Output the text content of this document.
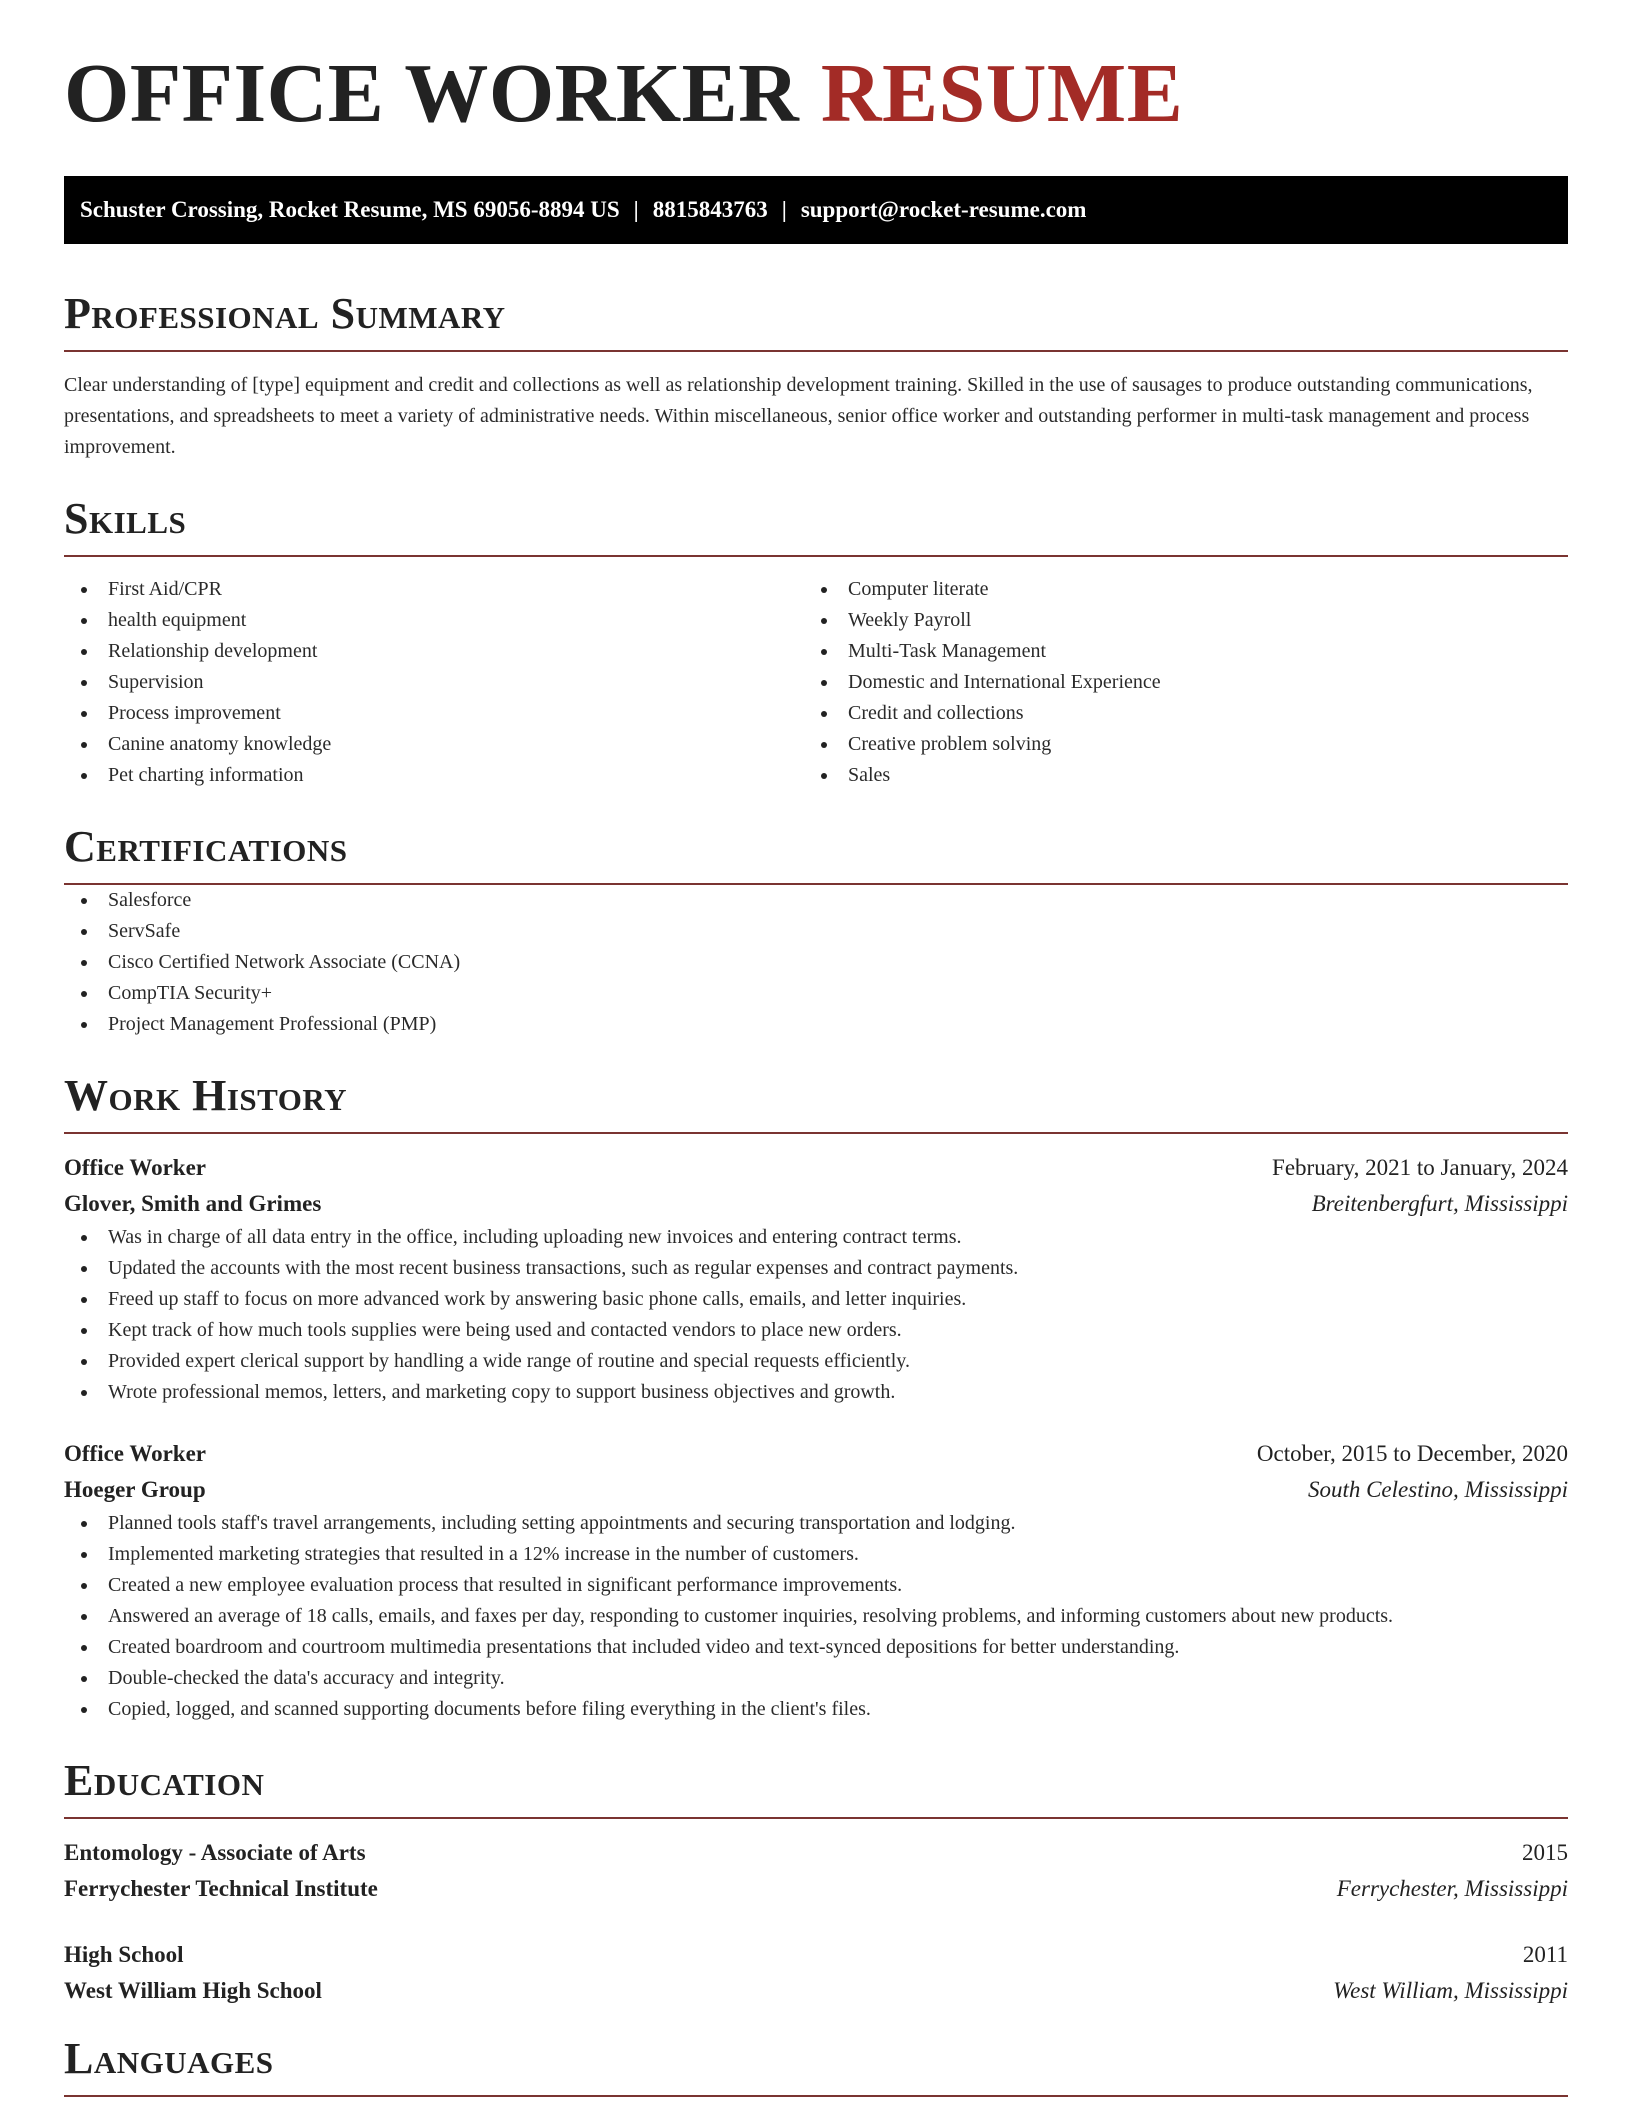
OFFICE WORKER RESUME
Schuster Crossing, Rocket Resume, MS 69056-8894 US | 8815843763 | support@rocket-resume.com
Professional Summary

Clear understanding of [type] equipment and credit and collections as well as relationship development training. Skilled in the use of sausages to produce outstanding communications, presentations, and spreadsheets to meet a variety of administrative needs. Within miscellaneous, senior office worker and outstanding performer in multi-task management and process improvement.

Skills
First Aid/CPR
health equipment
Relationship development
Supervision
Process improvement
Canine anatomy knowledge
Pet charting information
Computer literate
Weekly Payroll
Multi-Task Management
Domestic and International Experience
Credit and collections
Creative problem solving
Sales
Certifications
Salesforce
ServSafe
Cisco Certified Network Associate (CCNA)
CompTIA Security+
Project Management Professional (PMP)
Work History
Office Worker	February, 2021 to January, 2024
Glover, Smith and Grimes	Breitenbergfurt, Mississippi
Was in charge of all data entry in the office, including uploading new invoices and entering contract terms.
Updated the accounts with the most recent business transactions, such as regular expenses and contract payments.
Freed up staff to focus on more advanced work by answering basic phone calls, emails, and letter inquiries.
Kept track of how much tools supplies were being used and contacted vendors to place new orders.
Provided expert clerical support by handling a wide range of routine and special requests efficiently.
Wrote professional memos, letters, and marketing copy to support business objectives and growth.
Office Worker	October, 2015 to December, 2020
Hoeger Group	South Celestino, Mississippi
Planned tools staff's travel arrangements, including setting appointments and securing transportation and lodging.
Implemented marketing strategies that resulted in a 12% increase in the number of customers.
Created a new employee evaluation process that resulted in significant performance improvements.
Answered an average of 18 calls, emails, and faxes per day, responding to customer inquiries, resolving problems, and informing customers about new products.
Created boardroom and courtroom multimedia presentations that included video and text-synced depositions for better understanding.
Double-checked the data's accuracy and integrity.
Copied, logged, and scanned supporting documents before filing everything in the client's files.
Education
Entomology - Associate of Arts	2015
Ferrychester Technical Institute	Ferrychester, Mississippi
High School	2011
West William High School	West William, Mississippi
Languages
